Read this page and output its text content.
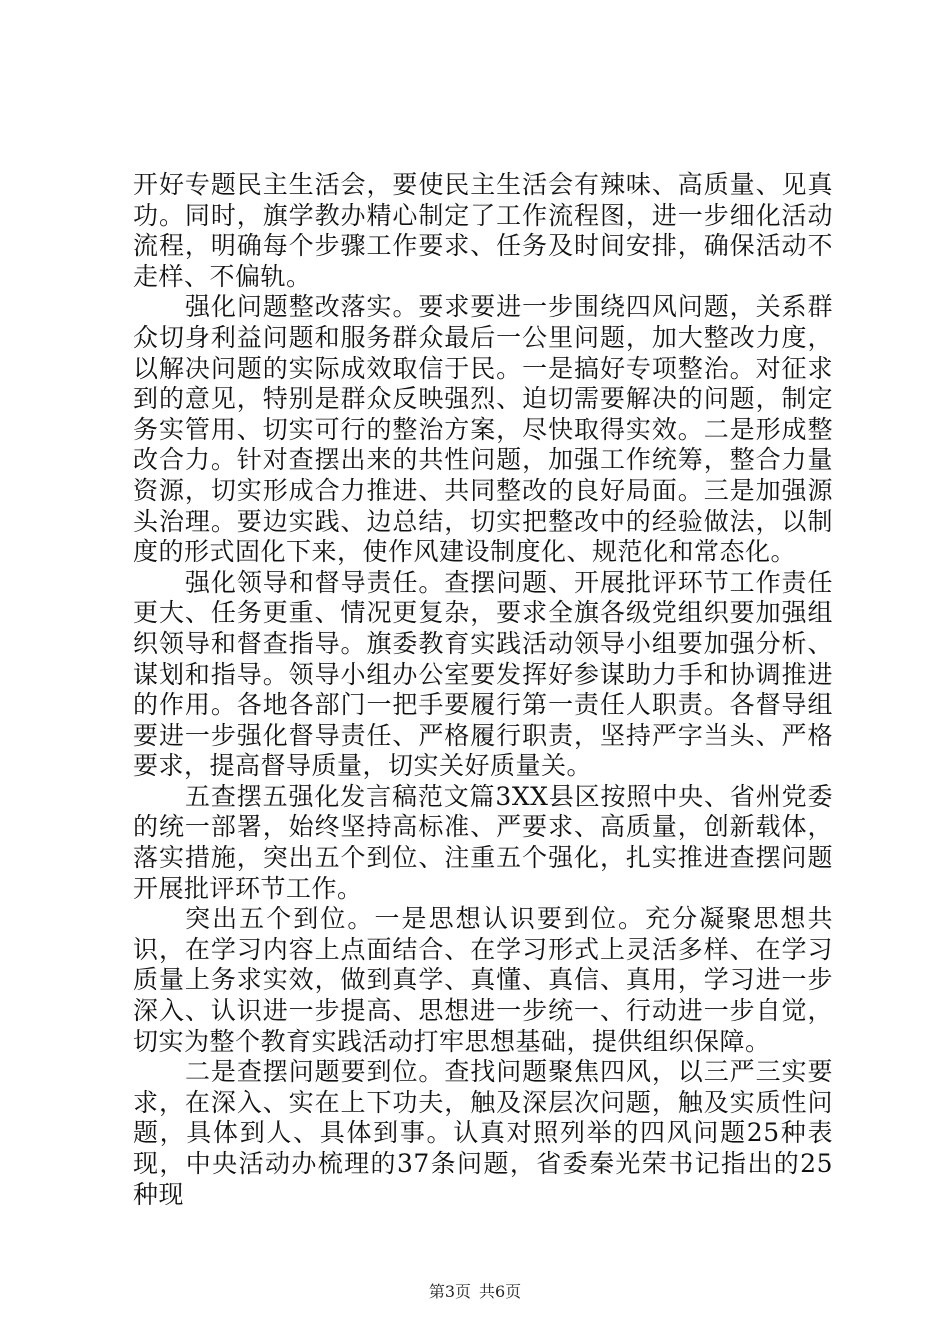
开好专题民主生活会，要使民主生活会有辣味、高质量、见真功。同时，旗学教办精心制定了工作流程图，进一步细化活动流程，明确每个步骤工作要求、任务及时间安排，确保活动不走样、不偏轨。

强化问题整改落实。要求要进一步围绕四风问题，关系群众切身利益问题和服务群众最后一公里问题，加大整改力度，以解决问题的实际成效取信于民。一是搞好专项整治。对征求到的意见，特别是群众反映强烈、迫切需要解决的问题，制定务实管用、切实可行的整治方案，尽快取得实效。二是形成整改合力。针对查摆出来的共性问题，加强工作统筹，整合力量资源，切实形成合力推进、共同整改的良好局面。三是加强源头治理。要边实践、边总结，切实把整改中的经验做法，以制度的形式固化下来，使作风建设制度化、规范化和常态化。

强化领导和督导责任。查摆问题、开展批评环节工作责任更大、任务更重、情况更复杂，要求全旗各级党组织要加强组织领导和督查指导。旗委教育实践活动领导小组要加强分析、谋划和指导。领导小组办公室要发挥好参谋助力手和协调推进的作用。各地各部门一把手要履行第一责任人职责。各督导组要进一步强化督导责任、严格履行职责，坚持严字当头、严格要求，提高督导质量，切实关好质量关。

五查摆五强化发言稿范文篇3XX县区按照中央、省州党委的统一部署，始终坚持高标准、严要求、高质量，创新载体，落实措施，突出五个到位、注重五个强化，扎实推进查摆问题开展批评环节工作。

突出五个到位。一是思想认识要到位。充分凝聚思想共识，在学习内容上点面结合、在学习形式上灵活多样、在学习质量上务求实效，做到真学、真懂、真信、真用，学习进一步深入、认识进一步提高、思想进一步统一、行动进一步自觉，切实为整个教育实践活动打牢思想基础，提供组织保障。

二是查摆问题要到位。查找问题聚焦四风，以三严三实要求，在深入、实在上下功夫，触及深层次问题，触及实质性问题，具体到人、具体到事。认真对照列举的四风问题25种表现，中央活动办梳理的37条问题，省委秦光荣书记指出的25种现

第3页 共6页
